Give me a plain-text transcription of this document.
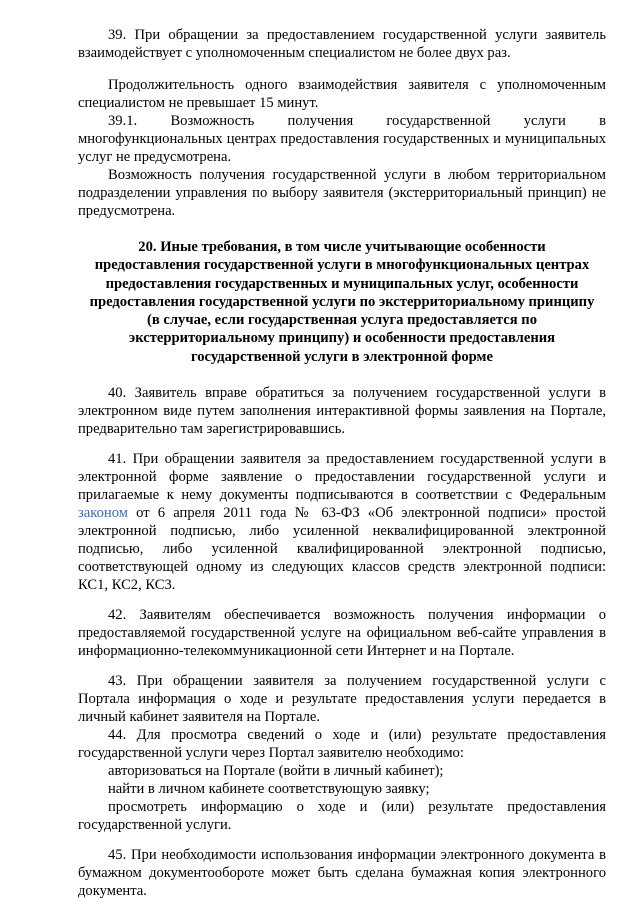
39. При обращении за предоставлением государственной услуги заявитель взаимодействует с уполномоченным специалистом не более двух раз.

Продолжительность одного взаимодействия заявителя с уполномоченным специалистом не превышает 15 минут.

39.1. Возможность получения государственной услуги в многофункциональных центрах предоставления государственных и муниципальных услуг не предусмотрена.

Возможность получения государственной услуги в любом территориальном подразделении управления по выбору заявителя (экстерриториальный принцип) не предусмотрена.

20. Иные требования, в том числе учитывающие особенности
предоставления государственной услуги в многофункциональных центрах
предоставления государственных и муниципальных услуг, особенности
предоставления государственной услуги по экстерриториальному принципу
(в случае, если государственная услуга предоставляется по
экстерриториальному принципу) и особенности предоставления
государственной услуги в электронной форме

40. Заявитель вправе обратиться за получением государственной услуги в электронном виде путем заполнения интерактивной формы заявления на Портале, предварительно там зарегистрировавшись.

41. При обращении заявителя за предоставлением государственной услуги в электронной форме заявление о предоставлении государственной услуги и прилагаемые к нему документы подписываются в соответствии с Федеральным законом от 6 апреля 2011 года № 63-ФЗ «Об электронной подписи» простой электронной подписью, либо усиленной неквалифицированной электронной подписью, либо усиленной квалифицированной электронной подписью, соответствующей одному из следующих классов средств электронной подписи: КС1, КС2, КС3.

42. Заявителям обеспечивается возможность получения информации о предоставляемой государственной услуге на официальном веб-сайте управления в информационно-телекоммуникационной сети Интернет и на Портале.

43. При обращении заявителя за получением государственной услуги с Портала информация о ходе и результате предоставления услуги передается в личный кабинет заявителя на Портале.

44. Для просмотра сведений о ходе и (или) результате предоставления государственной услуги через Портал заявителю необходимо:

авторизоваться на Портале (войти в личный кабинет);

найти в личном кабинете соответствующую заявку;

просмотреть информацию о ходе и (или) результате предоставления государственной услуги.

45. При необходимости использования информации электронного документа в бумажном документообороте может быть сделана бумажная копия электронного документа.
